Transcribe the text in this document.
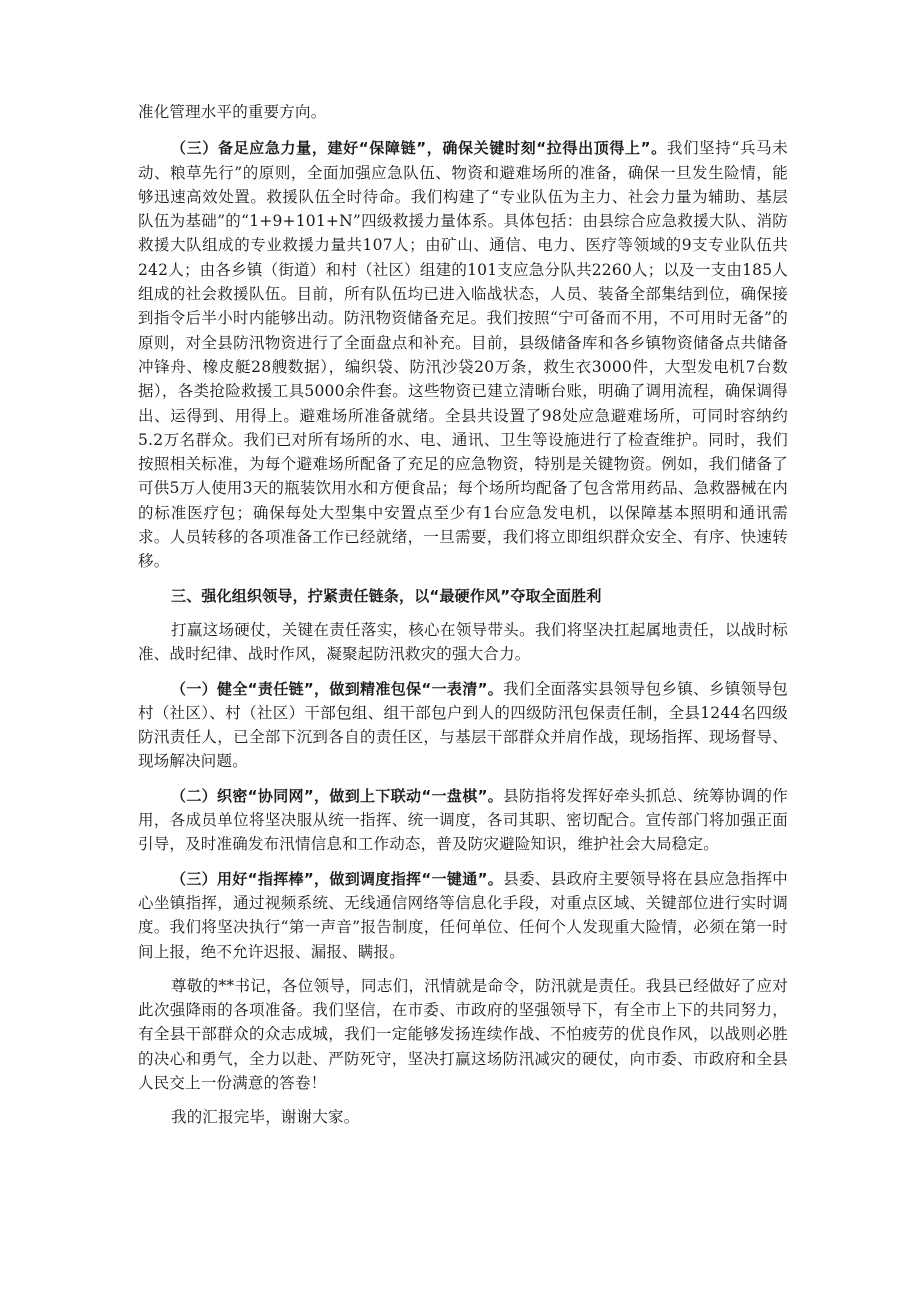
准化管理水平的重要方向。

（三）备足应急力量，建好“保障链”，确保关键时刻“拉得出顶得上”。我们坚持“兵马未动、粮草先行”的原则，全面加强应急队伍、物资和避难场所的准备，确保一旦发生险情，能够迅速高效处置。救援队伍全时待命。我们构建了“专业队伍为主力、社会力量为辅助、基层队伍为基础”的“1+9+101+N”四级救援力量体系。具体包括：由县综合应急救援大队、消防救援大队组成的专业救援力量共107人；由矿山、通信、电力、医疗等领域的9支专业队伍共242人；由各乡镇（街道）和村（社区）组建的101支应急分队共2260人；以及一支由185人组成的社会救援队伍。目前，所有队伍均已进入临战状态，人员、装备全部集结到位，确保接到指令后半小时内能够出动。防汛物资储备充足。我们按照“宁可备而不用，不可用时无备”的原则，对全县防汛物资进行了全面盘点和补充。目前，县级储备库和各乡镇物资储备点共储备冲锋舟、橡皮艇28艘数据），编织袋、防汛沙袋20万条，救生衣3000件，大型发电机7台数据），各类抢险救援工具5000余件套。这些物资已建立清晰台账，明确了调用流程，确保调得出、运得到、用得上。避难场所准备就绪。全县共设置了98处应急避难场所，可同时容纳约5.2万名群众。我们已对所有场所的水、电、通讯、卫生等设施进行了检查维护。同时，我们按照相关标准，为每个避难场所配备了充足的应急物资，特别是关键物资。例如，我们储备了可供5万人使用3天的瓶装饮用水和方便食品；每个场所均配备了包含常用药品、急救器械在内的标准医疗包；确保每处大型集中安置点至少有1台应急发电机，以保障基本照明和通讯需求。人员转移的各项准备工作已经就绪，一旦需要，我们将立即组织群众安全、有序、快速转移。

三、强化组织领导，拧紧责任链条，以“最硬作风”夺取全面胜利

打赢这场硬仗，关键在责任落实，核心在领导带头。我们将坚决扛起属地责任，以战时标准、战时纪律、战时作风，凝聚起防汛救灾的强大合力。

（一）健全“责任链”，做到精准包保“一表清”。我们全面落实县领导包乡镇、乡镇领导包村（社区）、村（社区）干部包组、组干部包户到人的四级防汛包保责任制，全县1244名四级防汛责任人，已全部下沉到各自的责任区，与基层干部群众并肩作战，现场指挥、现场督导、现场解决问题。

（二）织密“协同网”，做到上下联动“一盘棋”。县防指将发挥好牵头抓总、统筹协调的作用，各成员单位将坚决服从统一指挥、统一调度，各司其职、密切配合。宣传部门将加强正面引导，及时准确发布汛情信息和工作动态，普及防灾避险知识，维护社会大局稳定。

（三）用好“指挥棒”，做到调度指挥“一键通”。县委、县政府主要领导将在县应急指挥中心坐镇指挥，通过视频系统、无线通信网络等信息化手段，对重点区域、关键部位进行实时调度。我们将坚决执行“第一声音”报告制度，任何单位、任何个人发现重大险情，必须在第一时间上报，绝不允许迟报、漏报、瞒报。

尊敬的**书记，各位领导，同志们，汛情就是命令，防汛就是责任。我县已经做好了应对此次强降雨的各项准备。我们坚信，在市委、市政府的坚强领导下，有全市上下的共同努力，有全县干部群众的众志成城，我们一定能够发扬连续作战、不怕疲劳的优良作风，以战则必胜的决心和勇气，全力以赴、严防死守，坚决打赢这场防汛减灾的硬仗，向市委、市政府和全县人民交上一份满意的答卷！

我的汇报完毕，谢谢大家。
